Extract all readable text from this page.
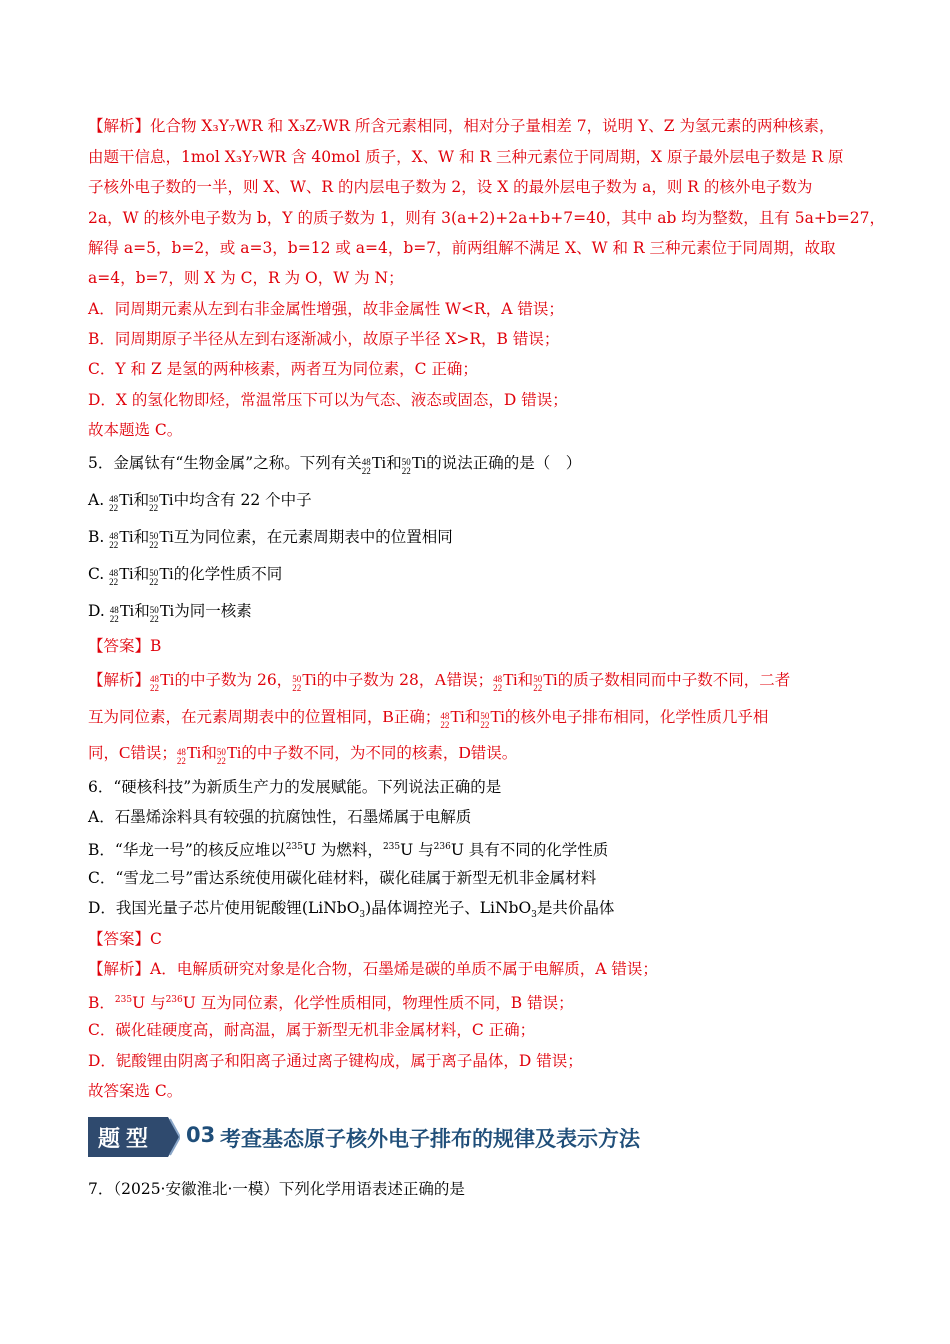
【解析】化合物 X₃Y₇WR 和 X₃Z₇WR 所含元素相同，相对分子量相差 7，说明 Y、Z 为氢元素的两种核素，
由题干信息，1mol X₃Y₇WR 含 40mol 质子，X、W 和 R 三种元素位于同周期，X 原子最外层电子数是 R 原
子核外电子数的一半，则 X、W、R 的内层电子数为 2，设 X 的最外层电子数为 a，则 R 的核外电子数为
2a，W 的核外电子数为 b，Y 的质子数为 1，则有 3(a+2)+2a+b+7=40，其中 ab 均为整数，且有 5a+b=27，
解得 a=5，b=2，或 a=3，b=12 或 a=4，b=7，前两组解不满足 X、W 和 R 三种元素位于同周期，故取
a=4，b=7，则 X 为 C，R 为 O，W 为 N；
A．同周期元素从左到右非金属性增强，故非金属性 W<R，A 错误；
B．同周期原子半径从左到右逐渐减小，故原子半径 X>R，B 错误；
C．Y 和 Z 是氢的两种核素，两者互为同位素，C 正确；
D．X 的氢化物即烃，常温常压下可以为气态、液态或固态，D 错误；
故本题选 C。
5．金属钛有“生物金属”之称。下列有关 48
22 Ti和 50
22 Ti的说法正确的是（　）
A. 48
22 Ti和 50
22 Ti中均含有 22 个中子
B. 48
22 Ti和 50
22 Ti互为同位素，在元素周期表中的位置相同
C. 48
22 Ti和 50
22 Ti的化学性质不同
D. 48
22 Ti和 50
22 Ti为同一核素
【答案】B
【解析】 48
22 Ti的中子数为 26， 50
22 Ti的中子数为 28，A错误； 48
22 Ti和 50
22 Ti的质子数相同而中子数不同，二者
互为同位素，在元素周期表中的位置相同，B正确； 48
22 Ti和 50
22 Ti的核外电子排布相同，化学性质几乎相
同，C错误； 48
22 Ti和 50
22 Ti的中子数不同，为不同的核素，D错误。
6．“硬核科技”为新质生产力的发展赋能。下列说法正确的是
A．石墨烯涂料具有较强的抗腐蚀性，石墨烯属于电解质
B．“华龙一号”的核反应堆以$^{235}$U 为燃料，$^{235}$U 与$^{236}$U 具有不同的化学性质
C．“雪龙二号”雷达系统使用碳化硅材料，碳化硅属于新型无机非金属材料
D．我国光量子芯片使用铌酸锂(LiNbO$_3$)晶体调控光子、LiNbO$_3$是共价晶体
【答案】C
【解析】A．电解质研究对象是化合物，石墨烯是碳的单质不属于电解质，A 错误；
B．$^{235}$U 与$^{236}$U 互为同位素，化学性质相同，物理性质不同，B 错误；
C．碳化硅硬度高，耐高温，属于新型无机非金属材料，C 正确；
D．铌酸锂由阴离子和阳离子通过离子键构成，属于离子晶体，D 错误；
故答案选 C。
题型 03 考查基态原子核外电子排布的规律及表示方法
7．（2025·安徽淮北·一模）下列化学用语表述正确的是
